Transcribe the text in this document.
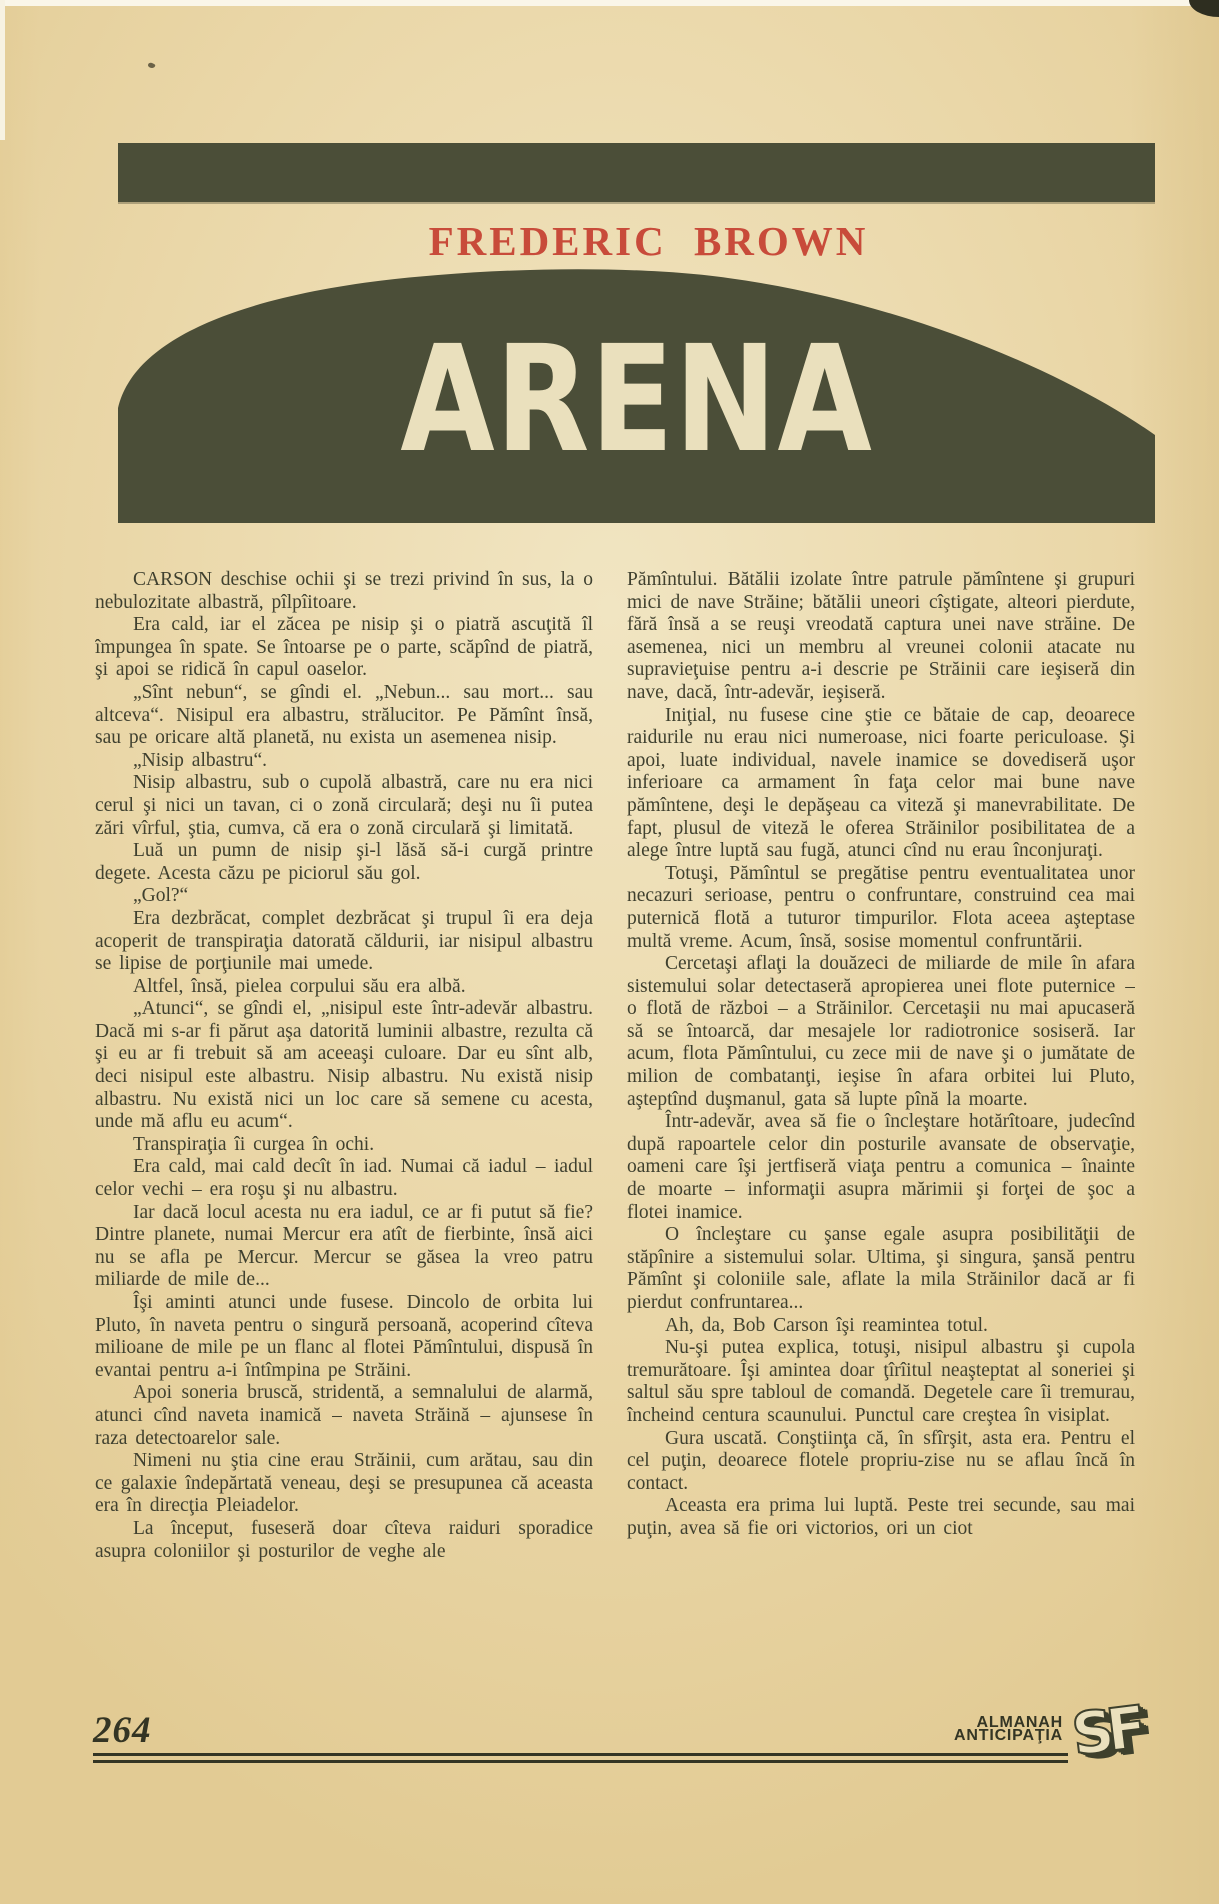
FREDERIC BROWN
ARENA

CARSON deschise ochii şi se trezi privind în sus, la o nebulozitate albastră, pîlpîitoare.

Era cald, iar el zăcea pe nisip şi o piatră ascuţită îl împungea în spate. Se întoarse pe o parte, scăpînd de piatră, şi apoi se ridică în capul oaselor.

„Sînt nebun“, se gîndi el. „Nebun... sau mort... sau altceva“. Nisipul era albastru, strălucitor. Pe Pămînt însă, sau pe oricare altă planetă, nu exista un asemenea nisip.

„Nisip albastru“.

Nisip albastru, sub o cupolă albastră, care nu era nici cerul şi nici un tavan, ci o zonă circulară; deşi nu îi putea zări vîrful, ştia, cumva, că era o zonă circulară şi limitată.

Luă un pumn de nisip şi-l lăsă să-i curgă printre degete. Acesta căzu pe piciorul său gol.

„Gol?“

Era dezbrăcat, complet dezbrăcat şi trupul îi era deja acoperit de transpiraţia datorată căldurii, iar nisipul albastru se lipise de porţiunile mai umede.

Altfel, însă, pielea corpului său era albă.

„Atunci“, se gîndi el, „nisipul este într-adevăr albastru. Dacă mi s-ar fi părut aşa datorită luminii albastre, rezulta că şi eu ar fi trebuit să am aceeaşi culoare. Dar eu sînt alb, deci nisipul este albastru. Nisip albastru. Nu există nisip albastru. Nu există nici un loc care să semene cu acesta, unde mă aflu eu acum“.

Transpiraţia îi curgea în ochi.

Era cald, mai cald decît în iad. Numai că iadul – iadul celor vechi – era roşu şi nu albastru.

Iar dacă locul acesta nu era iadul, ce ar fi putut să fie? Dintre planete, numai Mercur era atît de fierbinte, însă aici nu se afla pe Mercur. Mercur se găsea la vreo patru miliarde de mile de...

Îşi aminti atunci unde fusese. Dincolo de orbita lui Pluto, în naveta pentru o singură persoană, acoperind cîteva milioane de mile pe un flanc al flotei Pămîntului, dispusă în evantai pentru a-i întîmpina pe Străini.

Apoi soneria bruscă, stridentă, a semnalului de alarmă, atunci cînd naveta inamică – naveta Străină – ajunsese în raza detectoarelor sale.

Nimeni nu ştia cine erau Străinii, cum arătau, sau din ce galaxie îndepărtată veneau, deşi se presupunea că aceasta era în direcţia Pleiadelor.

La început, fuseseră doar cîteva raiduri sporadice asupra coloniilor şi posturilor de veghe ale

Pămîntului. Bătălii izolate între patrule pămîntene şi grupuri mici de nave Străine; bătălii uneori cîştigate, alteori pierdute, fără însă a se reuşi vreodată captura unei nave străine. De asemenea, nici un membru al vreunei colonii atacate nu supravieţuise pentru a-i descrie pe Străinii care ieşiseră din nave, dacă, într-adevăr, ieşiseră.

Iniţial, nu fusese cine ştie ce bătaie de cap, deoarece raidurile nu erau nici numeroase, nici foarte periculoase. Şi apoi, luate individual, navele inamice se dovediseră uşor inferioare ca armament în faţa celor mai bune nave pămîntene, deşi le depăşeau ca viteză şi manevrabilitate. De fapt, plusul de viteză le oferea Străinilor posibilitatea de a alege între luptă sau fugă, atunci cînd nu erau înconjuraţi.

Totuşi, Pămîntul se pregătise pentru eventualitatea unor necazuri serioase, pentru o confruntare, construind cea mai puternică flotă a tuturor timpurilor. Flota aceea aşteptase multă vreme. Acum, însă, sosise momentul confruntării.

Cercetaşi aflaţi la douăzeci de miliarde de mile în afara sistemului solar detectaseră apropierea unei flote puternice – o flotă de război – a Străinilor. Cercetaşii nu mai apucaseră să se întoarcă, dar mesajele lor radiotronice sosiseră. Iar acum, flota Pămîntului, cu zece mii de nave şi o jumătate de milion de combatanţi, ieşise în afara orbitei lui Pluto, aşteptînd duşmanul, gata să lupte pînă la moarte.

Într-adevăr, avea să fie o încleştare hotărîtoare, judecînd după rapoartele celor din posturile avansate de observaţie, oameni care îşi jertfiseră viaţa pentru a comunica – înainte de moarte – informaţii asupra mărimii şi forţei de şoc a flotei inamice.

O încleştare cu şanse egale asupra posibilităţii de stăpînire a sistemului solar. Ultima, şi singura, şansă pentru Pămînt şi coloniile sale, aflate la mila Străinilor dacă ar fi pierdut confruntarea...

Ah, da, Bob Carson îşi reamintea totul.

Nu-şi putea explica, totuşi, nisipul albastru şi cupola tremurătoare. Îşi amintea doar ţîrîitul neaşteptat al soneriei şi saltul său spre tabloul de comandă. Degetele care îi tremurau, încheind centura scaunului. Punctul care creştea în visiplat.

Gura uscată. Conştiinţa că, în sfîrşit, asta era. Pentru el cel puţin, deoarece flotele propriu-zise nu se aflau încă în contact.

Aceasta era prima lui luptă. Peste trei secunde, sau mai puţin, avea să fie ori victorios, ori un ciot

264	ALMANAH
ANTICIPAŢIA SF
